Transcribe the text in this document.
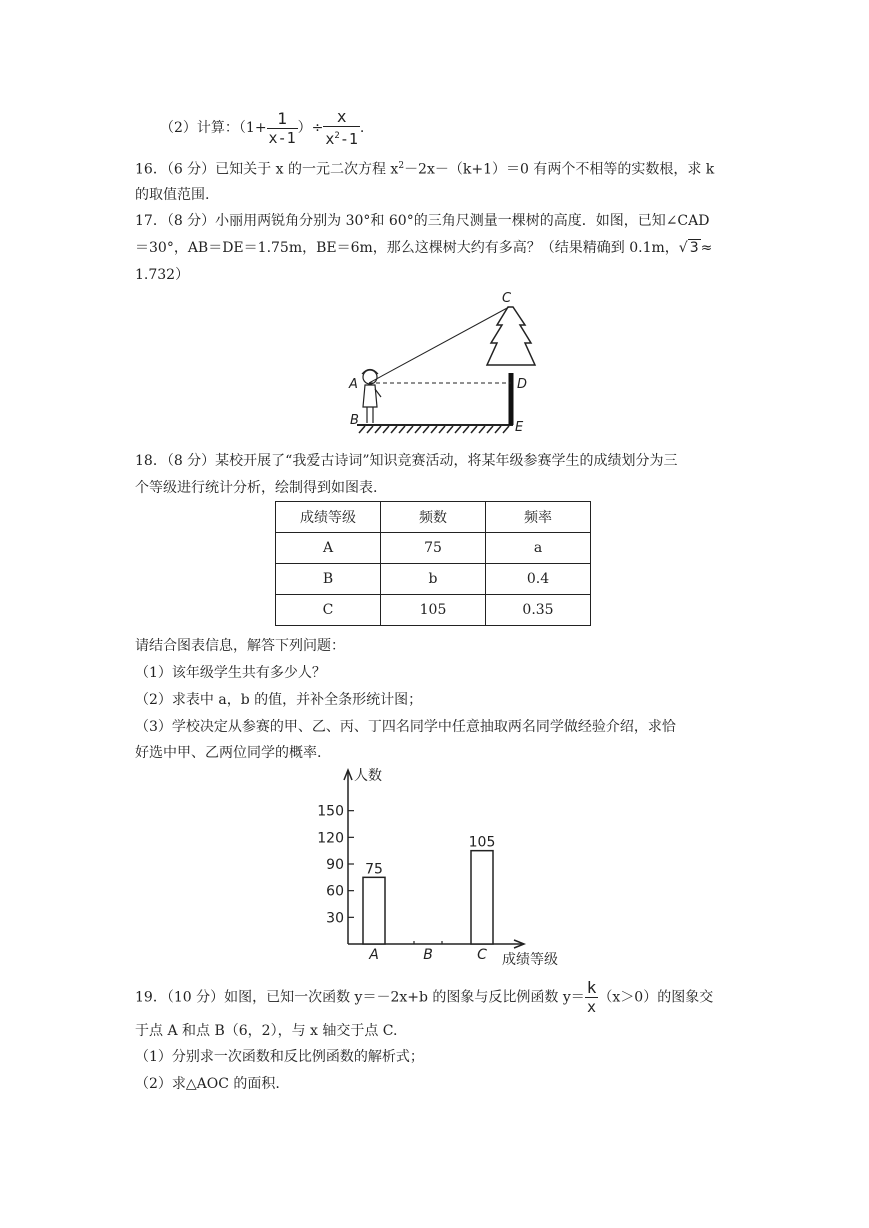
（2）计算：（$1+ \frac{1}{x-1}$ ）÷ $\frac{x}{x^2-1}$ .
16．（6 分）已知关于 x 的一元二次方程 $x^2-2x-(k+1)=0$ 有两个不相等的实数根，求 k
的取值范围.
17．（8 分）小丽用两锐角分别为 30°和 60°的三角尺测量一棵树的高度．如图，已知∠CAD
＝30°，AB＝DE＝1.75m，BE＝6m，那么这棵树大约有多高？（结果精确到 0.1m，√ 3 ≈
1.732）
C
A
B
D
E
18．（8 分）某校开展了“我爱古诗词”知识竞赛活动，将某年级参赛学生的成绩划分为三
个等级进行统计分析，绘制得到如图表.
成绩等级	频数	频率
A	75	a
B	b	0.4
C	105	0.35
请结合图表信息，解答下列问题：
（1）该年级学生共有多少人？
（2）求表中 a，b 的值，并补全条形统计图；
（3）学校决定从参赛的甲、乙、丙、丁四名同学中任意抽取两名同学做经验介绍，求恰
好选中甲、乙两位同学的概率.
人数
成绩等级
30
60
90
120
150
A
75
B	C
105
19．（10 分）如图，已知一次函数 y＝－2x+b 的图象与反比例函数 $y= \frac{k}{x} (x>0)$的图象交
于点 A 和点 B（6，2），与 x 轴交于点 C.
（1）分别求一次函数和反比例函数的解析式；
（2）求△AOC 的面积.
